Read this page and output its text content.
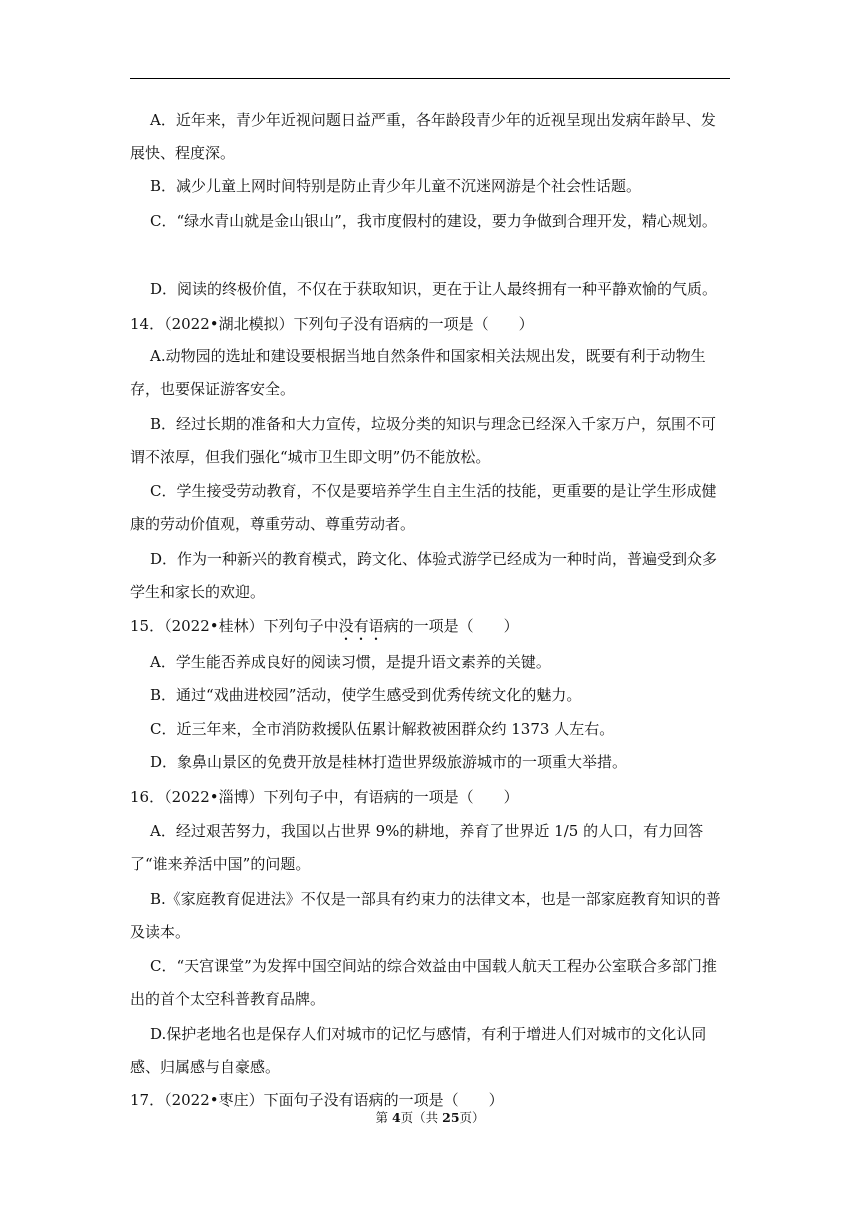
A．近年来，青少年近视问题日益严重，各年龄段青少年的近视呈现出发病年龄早、发展快、程度深。

B．减少儿童上网时间特别是防止青少年儿童不沉迷网游是个社会性话题。

C．“绿水青山就是金山银山”，我市度假村的建设，要力争做到合理开发，精心规划。

D．阅读的终极价值，不仅在于获取知识，更在于让人最终拥有一种平静欢愉的气质。

14．（2022•湖北模拟）下列句子没有语病的一项是（　　）

A.动物园的选址和建设要根据当地自然条件和国家相关法规出发，既要有利于动物生存，也要保证游客安全。

B．经过长期的准备和大力宣传，垃圾分类的知识与理念已经深入千家万户，氛围不可谓不浓厚，但我们强化“城市卫生即文明”仍不能放松。

C．学生接受劳动教育，不仅是要培养学生自主生活的技能，更重要的是让学生形成健康的劳动价值观，尊重劳动、尊重劳动者。

D．作为一种新兴的教育模式，跨文化、体验式游学已经成为一种时尚，普遍受到众多学生和家长的欢迎。

15．（2022•桂林）下列句子中没有语病的一项是（　　）

A．学生能否养成良好的阅读习惯，是提升语文素养的关键。

B．通过“戏曲进校园”活动，使学生感受到优秀传统文化的魅力。

C．近三年来，全市消防救援队伍累计解救被困群众约 1373 人左右。

D．象鼻山景区的免费开放是桂林打造世界级旅游城市的一项重大举措。

16．（2022•淄博）下列句子中，有语病的一项是（　　）

A．经过艰苦努力，我国以占世界 9%的耕地，养育了世界近 1/5 的人口，有力回答了“谁来养活中国”的问题。

B.《家庭教育促进法》不仅是一部具有约束力的法律文本，也是一部家庭教育知识的普及读本。

C．“天宫课堂”为发挥中国空间站的综合效益由中国载人航天工程办公室联合多部门推出的首个太空科普教育品牌。

D.保护老地名也是保存人们对城市的记忆与感情，有利于增进人们对城市的文化认同感、归属感与自豪感。

17．（2022•枣庄）下面句子没有语病的一项是（　　）

第 4页（共 25页）
